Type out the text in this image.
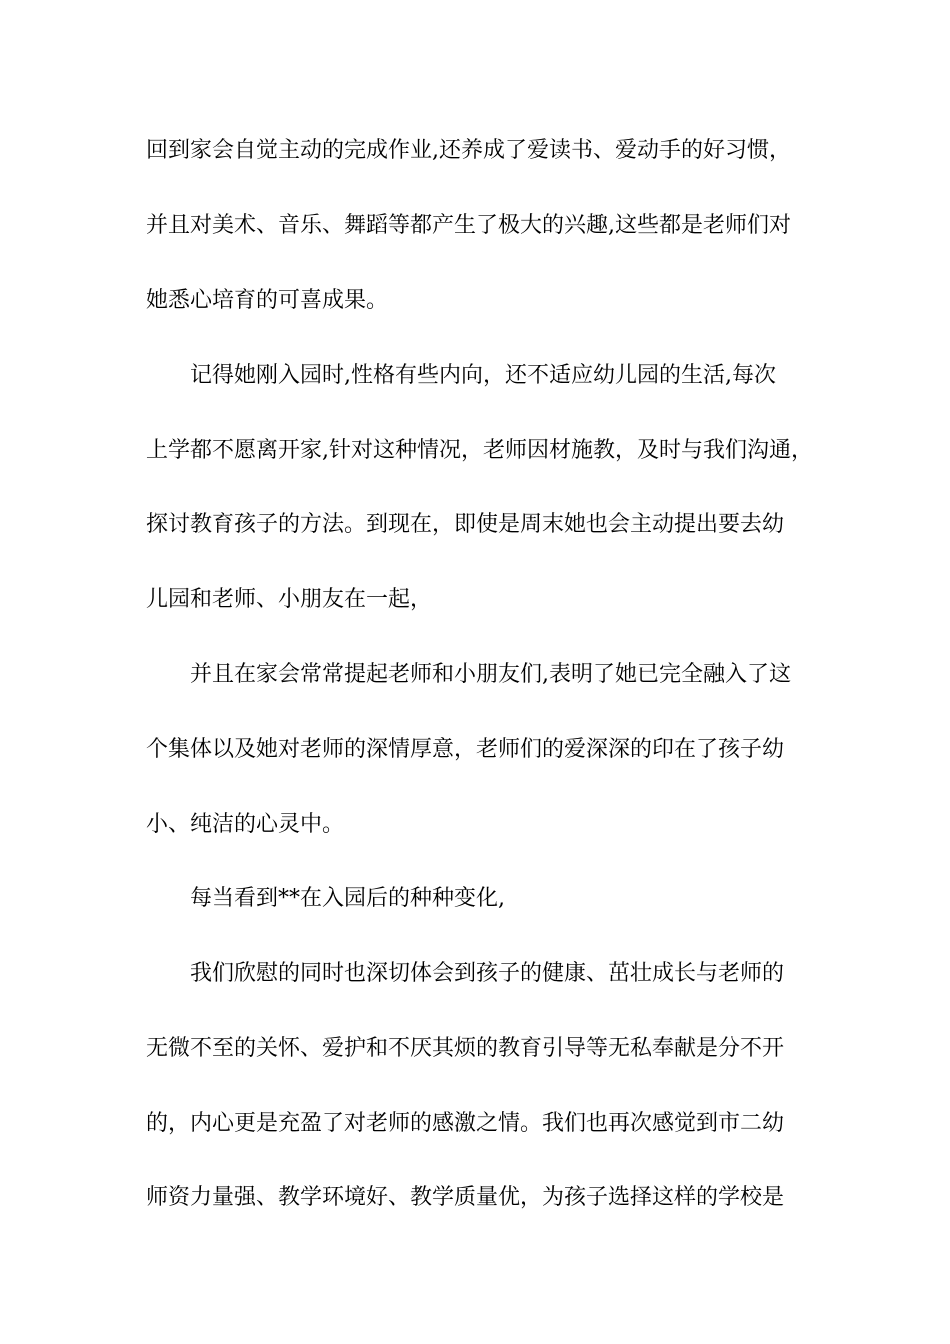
回到家会自觉主动的完成作业,还养成了爱读书、爱动手的好习惯，
并且对美术、音乐、舞蹈等都产生了极大的兴趣,这些都是老师们对
她悉心培育的可喜成果。
记得她刚入园时,性格有些内向，还不适应幼儿园的生活,每次
上学都不愿离开家,针对这种情况，老师因材施教，及时与我们沟通，
探讨教育孩子的方法。到现在，即使是周末她也会主动提出要去幼
儿园和老师、小朋友在一起，
并且在家会常常提起老师和小朋友们,表明了她已完全融入了这
个集体以及她对老师的深情厚意，老师们的爱深深的印在了孩子幼
小、纯洁的心灵中。
每当看到**在入园后的种种变化,
我们欣慰的同时也深切体会到孩子的健康、茁壮成长与老师的
无微不至的关怀、爱护和不厌其烦的教育引导等无私奉献是分不开
的，内心更是充盈了对老师的感激之情。我们也再次感觉到市二幼
师资力量强、教学环境好、教学质量优，为孩子选择这样的学校是
